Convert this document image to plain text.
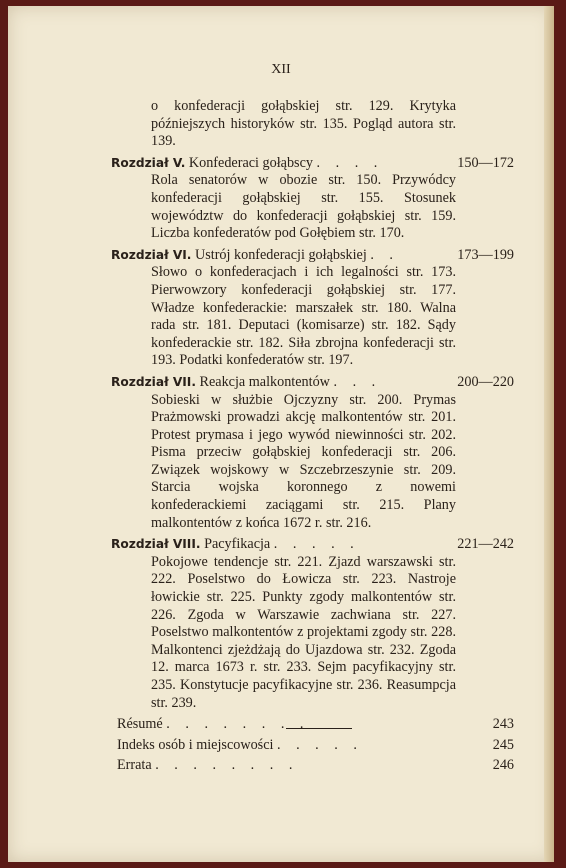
XII
o konfederacji gołąbskiej str. 129. Krytyka późniejszych historyków str. 135. Pogląd autora str. 139.
Rozdział V. Konfederaci gołąbscy . . . .	150—172
Rola senatorów w obozie str. 150. Przywódcy konfederacji gołąbskiej str. 155. Stosunek województw do konfederacji gołąbskiej str. 159. Liczba konfederatów pod Gołębiem str. 170.
Rozdział VI. Ustrój konfederacji gołąbskiej . .	173—199
Słowo o konfederacjach i ich legalności str. 173. Pierwowzory konfederacji gołąbskiej str. 177. Władze konfederackie: marszałek str. 180. Walna rada str. 181. Deputaci (komisarze) str. 182. Sądy konfederackie str. 182. Siła zbrojna konfederacji str. 193. Podatki konfederatów str. 197.
Rozdział VII. Reakcja malkontentów . . .	200—220
Sobieski w służbie Ojczyzny str. 200. Prymas Prażmowski prowadzi akcję malkontentów str. 201. Protest prymasa i jego wywód niewinności str. 202. Pisma przeciw gołąbskiej konfederacji str. 206. Związek wojskowy w Szczebrzeszynie str. 209. Starcia wojska koronnego z nowemi konfederackiemi zaciągami str. 215. Plany malkontentów z końca 1672 r. str. 216.
Rozdział VIII. Pacyfikacja . . . . .	221—242
Pokojowe tendencje str. 221. Zjazd warszawski str. 222. Poselstwo do Łowicza str. 223. Nastroje łowickie str. 225. Punkty zgody malkontentów str. 226. Zgoda w Warszawie zachwiana str. 227. Poselstwo malkontentów z projektami zgody str. 228. Malkontenci zjeżdżają do Ujazdowa str. 232. Zgoda 12. marca 1673 r. str. 233. Sejm pacyfikacyjny str. 235. Konstytucje pacyfikacyjne str. 236. Reasumpcja str. 239.
Résumé . . . . . . . .	243
Indeks osób i miejscowości . . . . .	245
Errata . . . . . . . .	246
